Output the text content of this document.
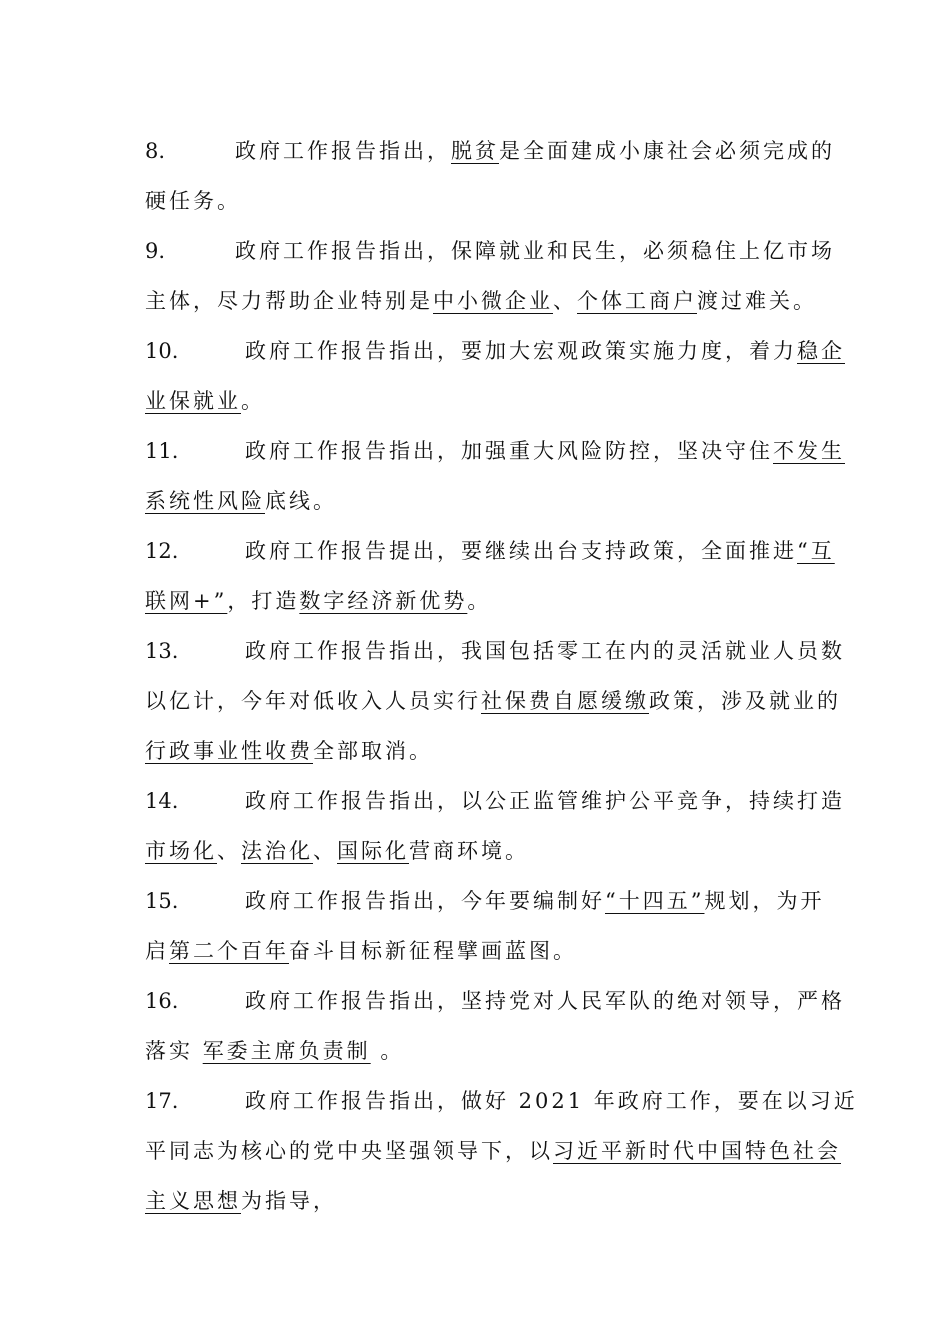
8.	政府工作报告指出，脱贫是全面建成小康社会必须完成的
硬任务。
9.	政府工作报告指出，保障就业和民生，必须稳住上亿市场
主体，尽力帮助企业特别是中小微企业、个体工商户渡过难关。
10.	政府工作报告指出，要加大宏观政策实施力度，着力稳企
业保就业。
11.	政府工作报告指出，加强重大风险防控，坚决守住不发生
系统性风险底线。
12.	政府工作报告提出，要继续出台支持政策，全面推进“互
联网+”，打造数字经济新优势。
13.	政府工作报告指出，我国包括零工在内的灵活就业人员数
以亿计，今年对低收入人员实行社保费自愿缓缴政策，涉及就业的
行政事业性收费全部取消。
14.	政府工作报告指出，以公正监管维护公平竞争，持续打造
市场化、法治化、国际化营商环境。
15.	政府工作报告指出，今年要编制好“十四五”规划，为开
启第二个百年奋斗目标新征程擘画蓝图。
16.	政府工作报告指出，坚持党对人民军队的绝对领导，严格
落实 军委主席负责制 。
17.	政府工作报告指出，做好 2021 年政府工作，要在以习近
平同志为核心的党中央坚强领导下，以习近平新时代中国特色社会
主义思想为指导，
